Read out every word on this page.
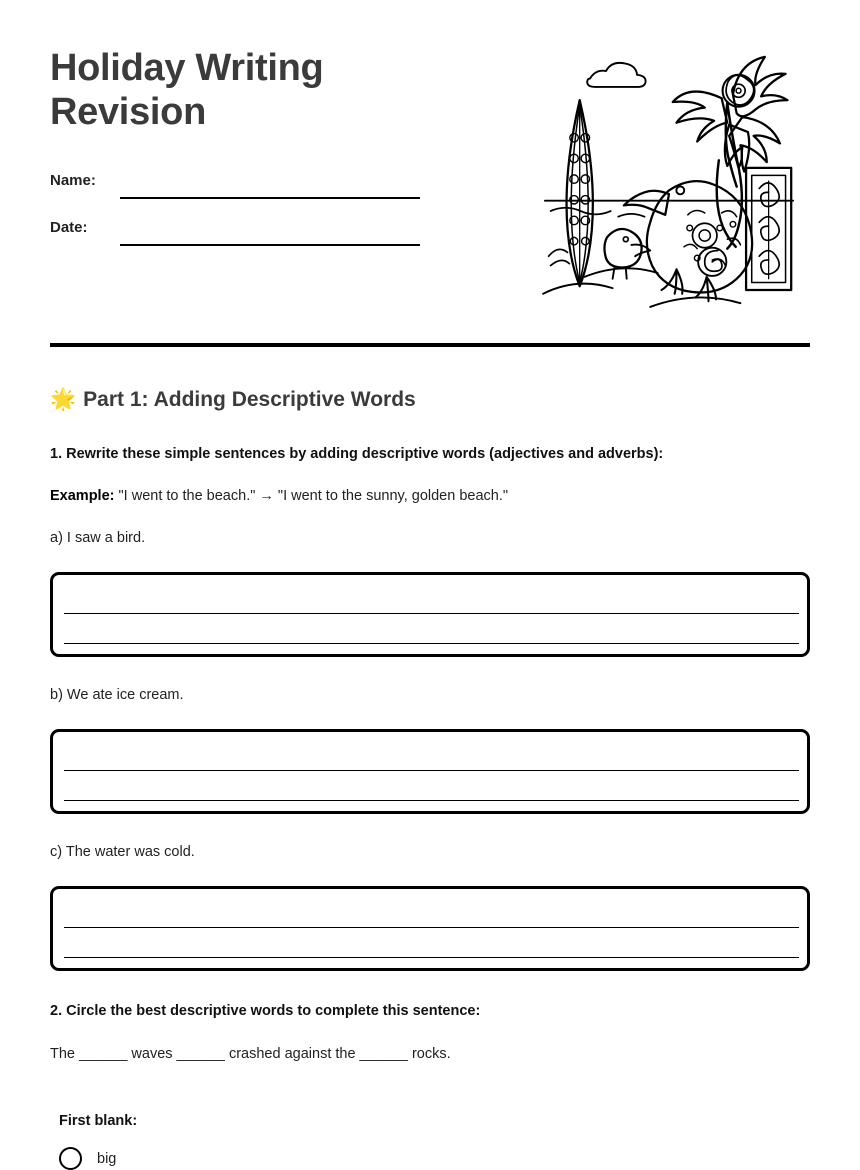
Holiday Writing Revision
Name:
Date:
🌟 Part 1: Adding Descriptive Words
1. Rewrite these simple sentences by adding descriptive words (adjectives and adverbs):
Example: "I went to the beach." → "I went to the sunny, golden beach."
a) I saw a bird.
b) We ate ice cream.
c) The water was cold.
2. Circle the best descriptive words to complete this sentence:
The ______ waves ______ crashed against the ______ rocks.
First blank:
big
